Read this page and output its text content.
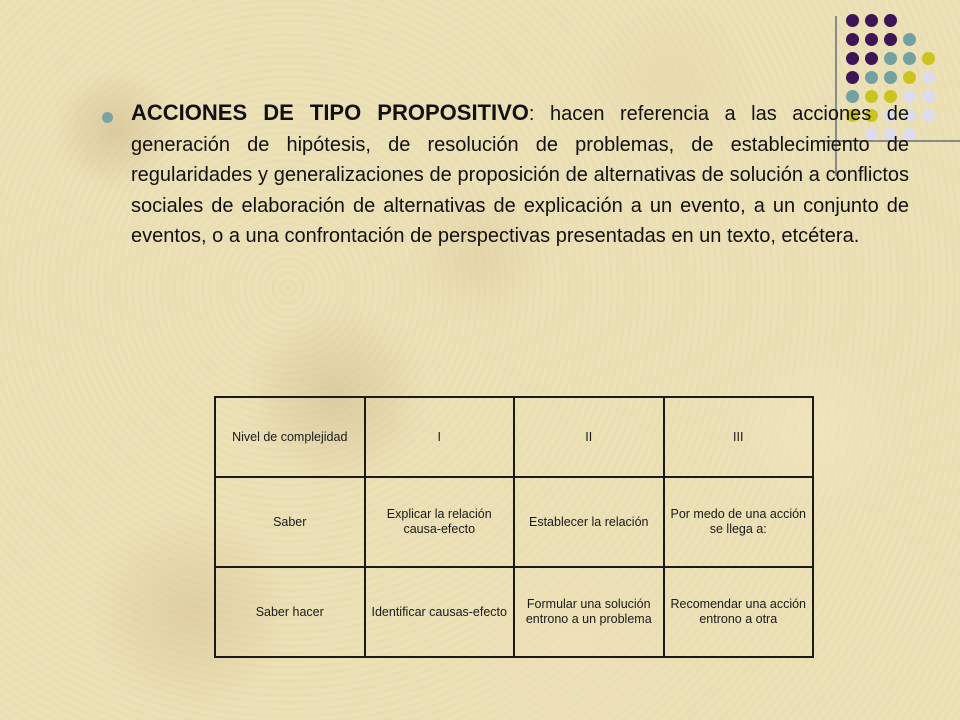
ACCIONES DE TIPO PROPOSITIVO: hacen referencia a las acciones de generación de hipótesis, de resolución de problemas, de establecimiento de regularidades y generalizaciones de proposición de alternativas de solución a conflictos sociales de elaboración de alternativas de explicación a un evento, a un conjunto de eventos, o a una confrontación de perspectivas presentadas en un texto, etcétera.
Nivel de complejidad	I	II	III
Saber	Explicar la relación causa-efecto	Establecer la relación	Por medo de una acción se llega a:
Saber hacer	Identificar causas-efecto	Formular una solución entrono a un problema	Recomendar una acción entrono a otra
